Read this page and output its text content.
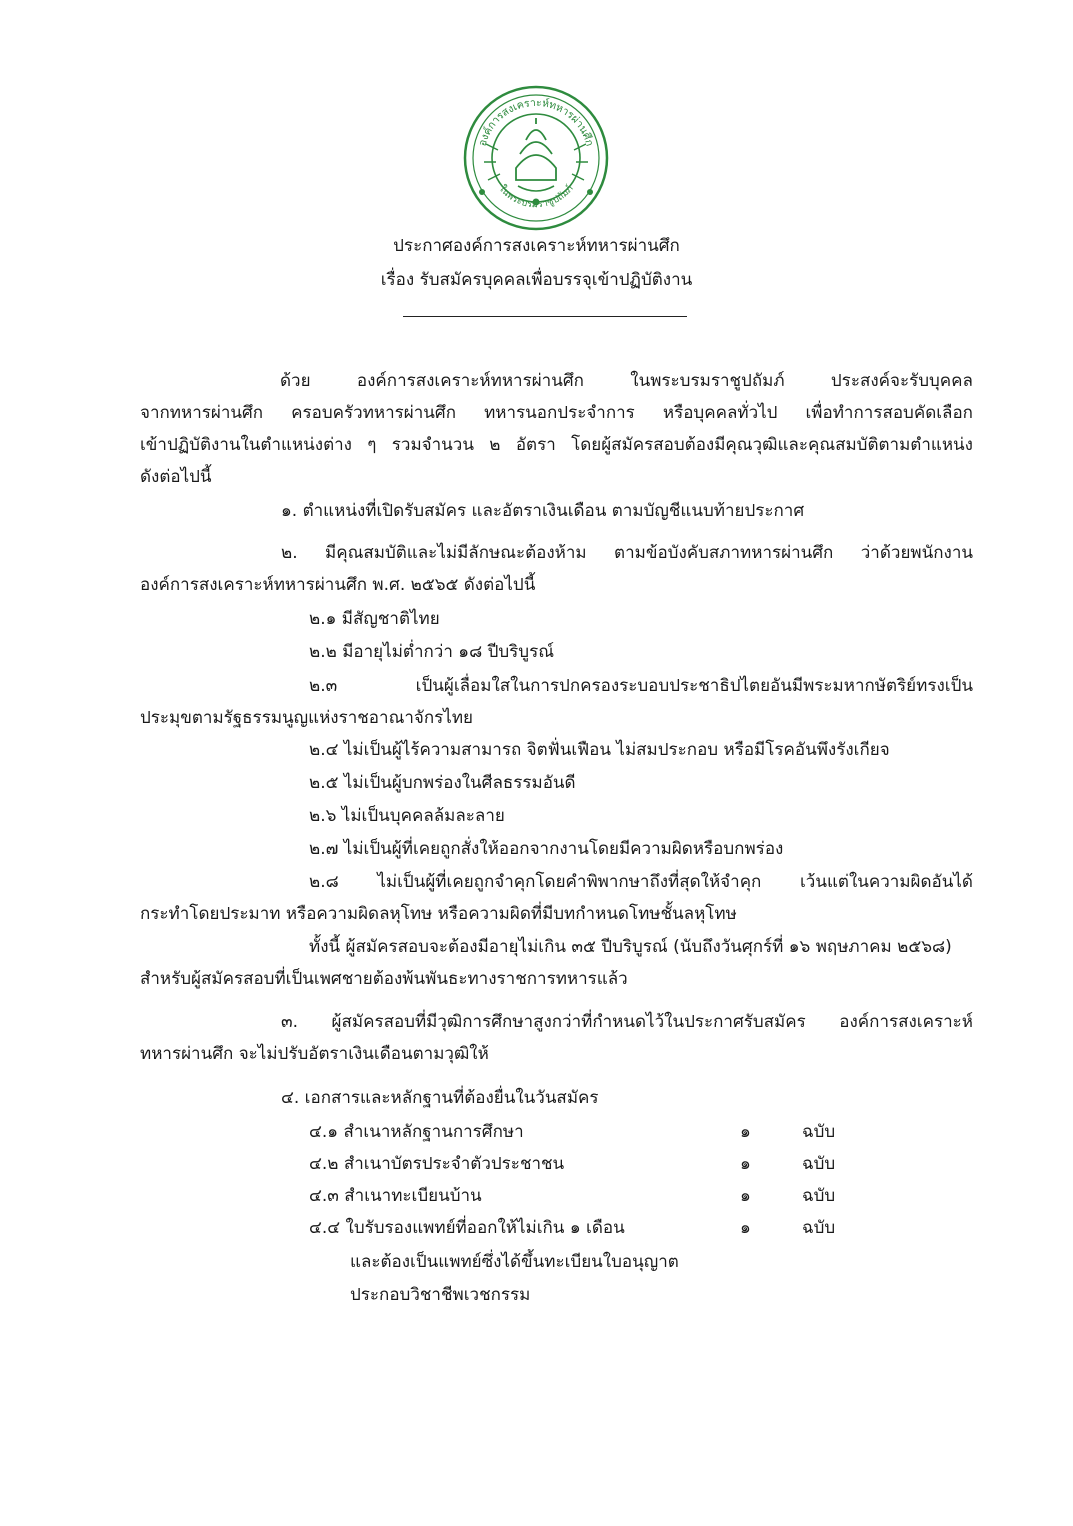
องค์การสงเคราะห์ทหารผ่านศึก
ในพระบรมราชูปถัมภ์
ประกาศองค์การสงเคราะห์ทหารผ่านศึก
เรื่อง รับสมัครบุคคลเพื่อบรรจุเข้าปฏิบัติงาน
ด้วย	องค์การสงเคราะห์ทหารผ่านศึก	ในพระบรมราชูปถัมภ์	ประสงค์จะรับบุคคล
จากทหารผ่านศึก ครอบครัวทหารผ่านศึก ทหารนอกประจำการ หรือบุคคลทั่วไป เพื่อทำการสอบคัดเลือก
เข้าปฏิบัติงานในตำแหน่งต่าง ๆ รวมจำนวน ๒ อัตรา โดยผู้สมัครสอบต้องมีคุณวุฒิและคุณสมบัติตามตำแหน่ง
ดังต่อไปนี้
๑. ตำแหน่งที่เปิดรับสมัคร และอัตราเงินเดือน ตามบัญชีแนบท้ายประกาศ
๒. มีคุณสมบัติและไม่มีลักษณะต้องห้าม ตามข้อบังคับสภาทหารผ่านศึก ว่าด้วยพนักงาน
องค์การสงเคราะห์ทหารผ่านศึก พ.ศ. ๒๕๖๕ ดังต่อไปนี้
๒.๑ มีสัญชาติไทย
๒.๒ มีอายุไม่ต่ำกว่า ๑๘ ปีบริบูรณ์
๒.๓	เป็นผู้เลื่อมใสในการปกครองระบอบประชาธิปไตยอันมีพระมหากษัตริย์ทรงเป็น
ประมุขตามรัฐธรรมนูญแห่งราชอาณาจักรไทย
๒.๔ ไม่เป็นผู้ไร้ความสามารถ จิตฟั่นเฟือน ไม่สมประกอบ หรือมีโรคอันพึงรังเกียจ
๒.๕ ไม่เป็นผู้บกพร่องในศีลธรรมอันดี
๒.๖ ไม่เป็นบุคคลล้มละลาย
๒.๗ ไม่เป็นผู้ที่เคยถูกสั่งให้ออกจากงานโดยมีความผิดหรือบกพร่อง
๒.๘ ไม่เป็นผู้ที่เคยถูกจำคุกโดยคำพิพากษาถึงที่สุดให้จำคุก เว้นแต่ในความผิดอันได้
กระทำโดยประมาท หรือความผิดลหุโทษ หรือความผิดที่มีบทกำหนดโทษชั้นลหุโทษ
ทั้งนี้ ผู้สมัครสอบจะต้องมีอายุไม่เกิน ๓๕ ปีบริบูรณ์ (นับถึงวันศุกร์ที่ ๑๖ พฤษภาคม ๒๕๖๘)
สำหรับผู้สมัครสอบที่เป็นเพศชายต้องพ้นพันธะทางราชการทหารแล้ว
๓. ผู้สมัครสอบที่มีวุฒิการศึกษาสูงกว่าที่กำหนดไว้ในประกาศรับสมัคร องค์การสงเคราะห์
ทหารผ่านศึก จะไม่ปรับอัตราเงินเดือนตามวุฒิให้
๔. เอกสารและหลักฐานที่ต้องยื่นในวันสมัคร
๔.๑ สำเนาหลักฐานการศึกษา	๑	ฉบับ
๔.๒ สำเนาบัตรประจำตัวประชาชน	๑	ฉบับ
๔.๓ สำเนาทะเบียนบ้าน	๑	ฉบับ
๔.๔ ใบรับรองแพทย์ที่ออกให้ไม่เกิน ๑ เดือน	๑	ฉบับ
และต้องเป็นแพทย์ซึ่งได้ขึ้นทะเบียนใบอนุญาต
ประกอบวิชาชีพเวชกรรม
